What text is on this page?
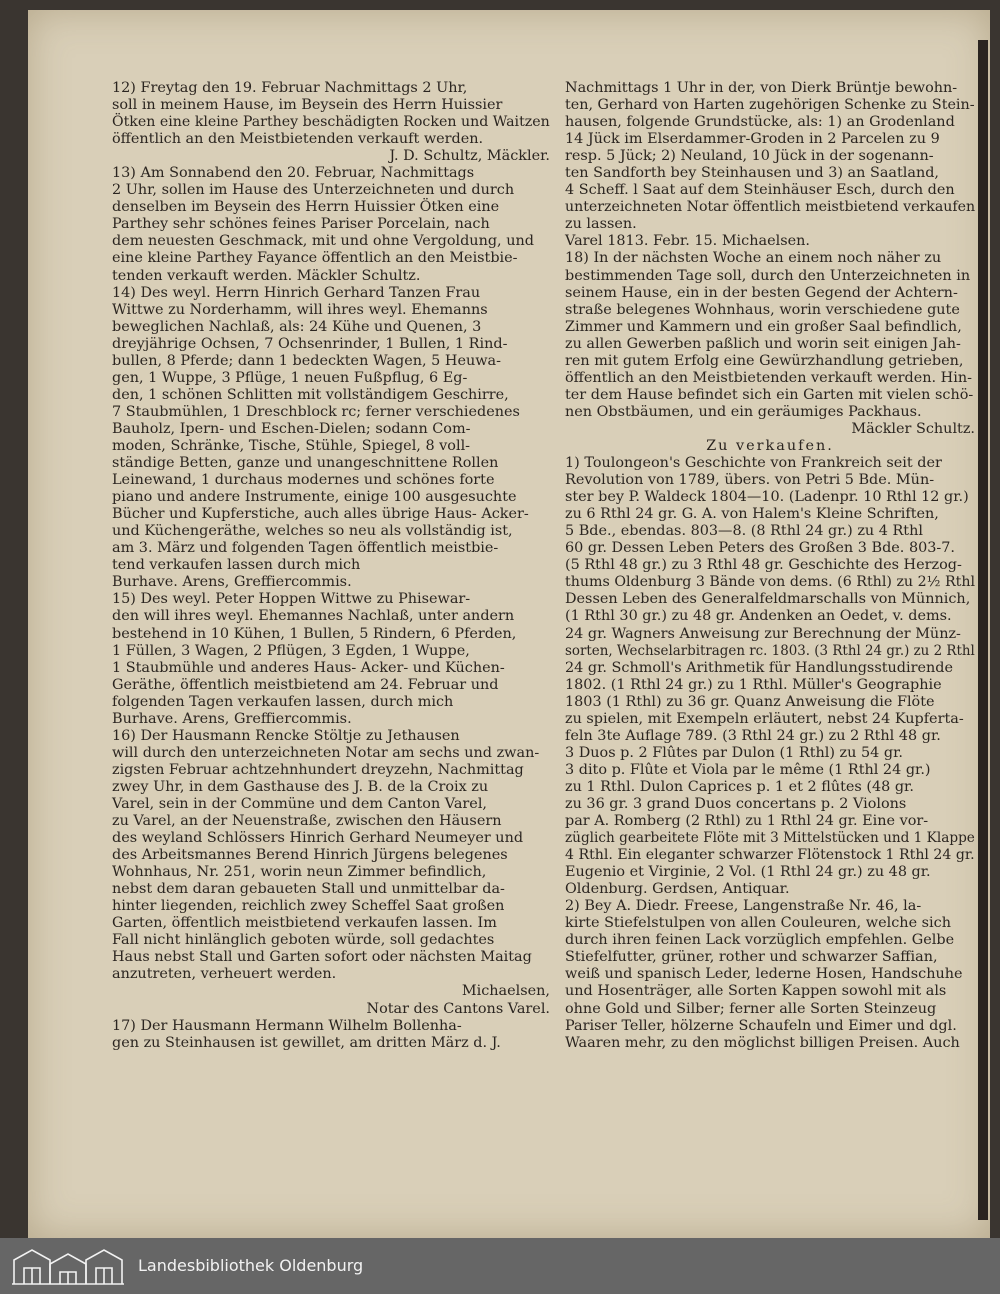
12) Freytag den 19. Februar Nachmittags 2 Uhr,

soll in meinem Hause, im Beysein des Herrn Huissier

Ötken eine kleine Parthey beschädigten Rocken und Waitzen

öffentlich an den Meistbietenden verkauft werden.

J. D. Schultz, Mäckler.

13) Am Sonnabend den 20. Februar, Nachmittags

2 Uhr, sollen im Hause des Unterzeichneten und durch

denselben im Beysein des Herrn Huissier Ötken eine

Parthey sehr schönes feines Pariser Porcelain, nach

dem neuesten Geschmack, mit und ohne Vergoldung, und

eine kleine Parthey Fayance öffentlich an den Meistbie-

tenden verkauft werden. Mäckler Schultz.

14) Des weyl. Herrn Hinrich Gerhard Tanzen Frau

Wittwe zu Norderhamm, will ihres weyl. Ehemanns

beweglichen Nachlaß, als: 24 Kühe und Quenen, 3

dreyjährige Ochsen, 7 Ochsenrinder, 1 Bullen, 1 Rind-

bullen, 8 Pferde; dann 1 bedeckten Wagen, 5 Heuwa-

gen, 1 Wuppe, 3 Pflüge, 1 neuen Fußpflug, 6 Eg-

den, 1 schönen Schlitten mit vollständigem Geschirre,

7 Staubmühlen, 1 Dreschblock rc; ferner verschiedenes

Bauholz, Ipern- und Eschen-Dielen; sodann Com-

moden, Schränke, Tische, Stühle, Spiegel, 8 voll-

ständige Betten, ganze und unangeschnittene Rollen

Leinewand, 1 durchaus modernes und schönes forte

piano und andere Instrumente, einige 100 ausgesuchte

Bücher und Kupferstiche, auch alles übrige Haus- Acker-

und Küchengeräthe, welches so neu als vollständig ist,

am 3. März und folgenden Tagen öffentlich meistbie-

tend verkaufen lassen durch mich

Burhave. Arens, Greffiercommis.

15) Des weyl. Peter Hoppen Wittwe zu Phisewar-

den will ihres weyl. Ehemannes Nachlaß, unter andern

bestehend in 10 Kühen, 1 Bullen, 5 Rindern, 6 Pferden,

1 Füllen, 3 Wagen, 2 Pflügen, 3 Egden, 1 Wuppe,

1 Staubmühle und anderes Haus- Acker- und Küchen-

Geräthe, öffentlich meistbietend am 24. Februar und

folgenden Tagen verkaufen lassen, durch mich

Burhave. Arens, Greffiercommis.

16) Der Hausmann Rencke Stöltje zu Jethausen

will durch den unterzeichneten Notar am sechs und zwan-

zigsten Februar achtzehnhundert dreyzehn, Nachmittag

zwey Uhr, in dem Gasthause des J. B. de la Croix zu

Varel, sein in der Commüne und dem Canton Varel,

zu Varel, an der Neuenstraße, zwischen den Häusern

des weyland Schlössers Hinrich Gerhard Neumeyer und

des Arbeitsmannes Berend Hinrich Jürgens belegenes

Wohnhaus, Nr. 251, worin neun Zimmer befindlich,

nebst dem daran gebaueten Stall und unmittelbar da-

hinter liegenden, reichlich zwey Scheffel Saat großen

Garten, öffentlich meistbietend verkaufen lassen. Im

Fall nicht hinlänglich geboten würde, soll gedachtes

Haus nebst Stall und Garten sofort oder nächsten Maitag

anzutreten, verheuert werden.

Michaelsen,

Notar des Cantons Varel.

17) Der Hausmann Hermann Wilhelm Bollenha-

gen zu Steinhausen ist gewillet, am dritten März d. J.

Nachmittags 1 Uhr in der, von Dierk Brüntje bewohn-

ten, Gerhard von Harten zugehörigen Schenke zu Stein-

hausen, folgende Grundstücke, als: 1) an Grodenland

14 Jück im Elserdammer-Groden in 2 Parcelen zu 9

resp. 5 Jück; 2) Neuland, 10 Jück in der sogenann-

ten Sandforth bey Steinhausen und 3) an Saatland,

4 Scheff. l Saat auf dem Steinhäuser Esch, durch den

unterzeichneten Notar öffentlich meistbietend verkaufen

zu lassen.

Varel 1813. Febr. 15. Michaelsen.

18) In der nächsten Woche an einem noch näher zu

bestimmenden Tage soll, durch den Unterzeichneten in

seinem Hause, ein in der besten Gegend der Achtern-

straße belegenes Wohnhaus, worin verschiedene gute

Zimmer und Kammern und ein großer Saal befindlich,

zu allen Gewerben paßlich und worin seit einigen Jah-

ren mit gutem Erfolg eine Gewürzhandlung getrieben,

öffentlich an den Meistbietenden verkauft werden. Hin-

ter dem Hause befindet sich ein Garten mit vielen schö-

nen Obstbäumen, und ein geräumiges Packhaus.

Mäckler Schultz.

Zu verkaufen.

1) Toulongeon's Geschichte von Frankreich seit der

Revolution von 1789, übers. von Petri 5 Bde. Mün-

ster bey P. Waldeck 1804—10. (Ladenpr. 10 Rthl 12 gr.)

zu 6 Rthl 24 gr. G. A. von Halem's Kleine Schriften,

5 Bde., ebendas. 803—8. (8 Rthl 24 gr.) zu 4 Rthl

60 gr. Dessen Leben Peters des Großen 3 Bde. 803-7.

(5 Rthl 48 gr.) zu 3 Rthl 48 gr. Geschichte des Herzog-

thums Oldenburg 3 Bände von dems. (6 Rthl) zu 2½ Rthl

Dessen Leben des Generalfeldmarschalls von Münnich,

(1 Rthl 30 gr.) zu 48 gr. Andenken an Oedet, v. dems.

24 gr. Wagners Anweisung zur Berechnung der Münz-

sorten, Wechselarbitragen rc. 1803. (3 Rthl 24 gr.) zu 2 Rthl

24 gr. Schmoll's Arithmetik für Handlungsstudirende

1802. (1 Rthl 24 gr.) zu 1 Rthl. Müller's Geographie

1803 (1 Rthl) zu 36 gr. Quanz Anweisung die Flöte

zu spielen, mit Exempeln erläutert, nebst 24 Kupferta-

feln 3te Auflage 789. (3 Rthl 24 gr.) zu 2 Rthl 48 gr.

3 Duos p. 2 Flûtes par Dulon (1 Rthl) zu 54 gr.

3 dito p. Flûte et Viola par le même (1 Rthl 24 gr.)

zu 1 Rthl. Dulon Caprices p. 1 et 2 flûtes (48 gr.

zu 36 gr. 3 grand Duos concertans p. 2 Violons

par A. Romberg (2 Rthl) zu 1 Rthl 24 gr. Eine vor-

züglich gearbeitete Flöte mit 3 Mittelstücken und 1 Klappe

4 Rthl. Ein eleganter schwarzer Flötenstock 1 Rthl 24 gr.

Eugenio et Virginie, 2 Vol. (1 Rthl 24 gr.) zu 48 gr.

Oldenburg. Gerdsen, Antiquar.

2) Bey A. Diedr. Freese, Langenstraße Nr. 46, la-

kirte Stiefelstulpen von allen Couleuren, welche sich

durch ihren feinen Lack vorzüglich empfehlen. Gelbe

Stiefelfutter, grüner, rother und schwarzer Saffian,

weiß und spanisch Leder, lederne Hosen, Handschuhe

und Hosenträger, alle Sorten Kappen sowohl mit als

ohne Gold und Silber; ferner alle Sorten Steinzeug

Pariser Teller, hölzerne Schaufeln und Eimer und dgl.

Waaren mehr, zu den möglichst billigen Preisen. Auch

Landesbibliothek Oldenburg
